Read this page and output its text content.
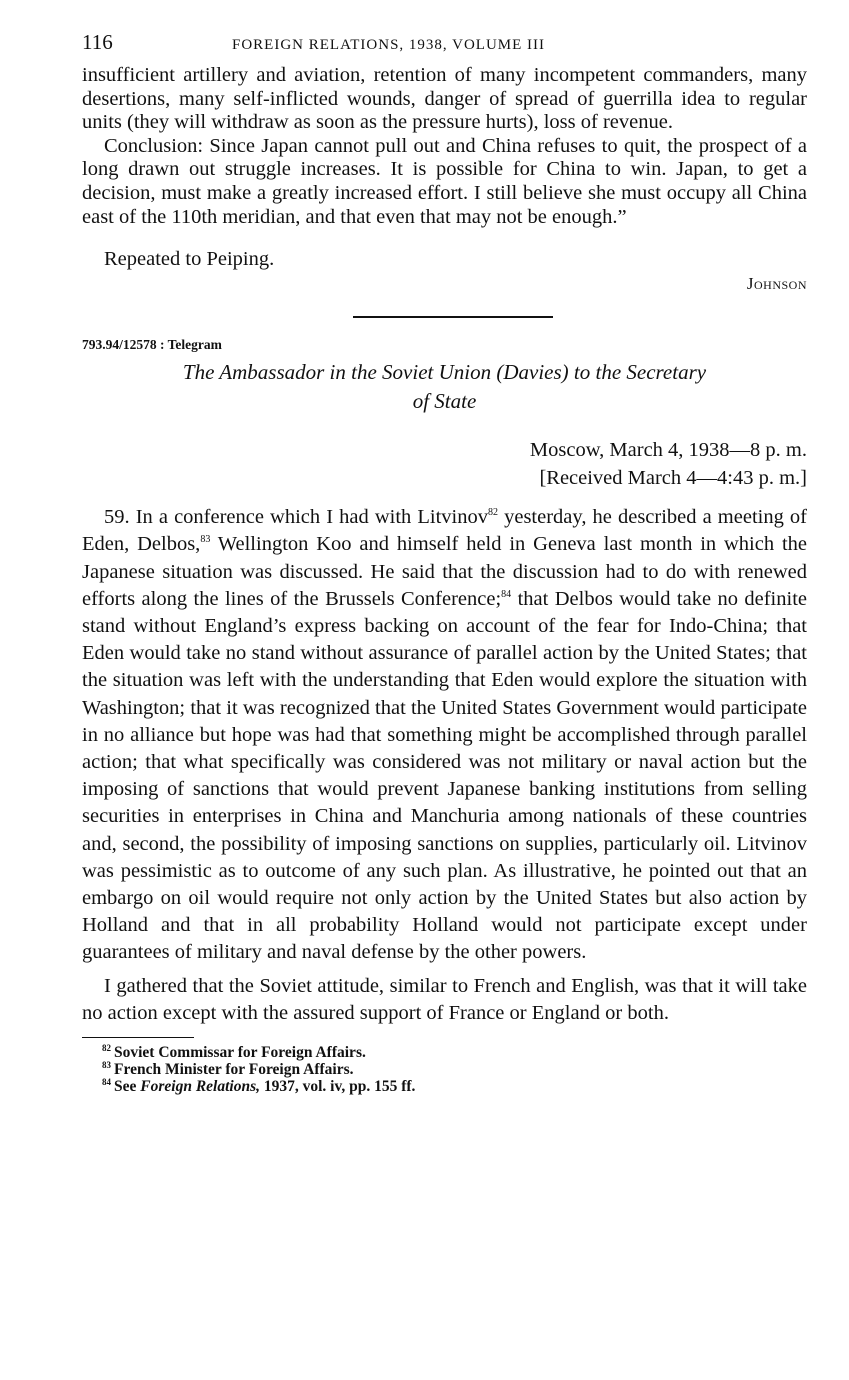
116	FOREIGN RELATIONS, 1938, VOLUME III

insufficient artillery and aviation, retention of many incompetent commanders, many desertions, many self-inflicted wounds, danger of spread of guerrilla idea to regular units (they will withdraw as soon as the pressure hurts), loss of revenue.

Conclusion: Since Japan cannot pull out and China refuses to quit, the prospect of a long drawn out struggle increases. It is possible for China to win. Japan, to get a decision, must make a greatly increased effort. I still believe she must occupy all China east of the 110th meridian, and that even that may not be enough.”

Repeated to Peiping.
Johnson
793.94/12578 : Telegram
The Ambassador in the Soviet Union (Davies) to the Secretary
of State
Moscow, March 4, 1938—8 p. m.
[Received March 4—4:43 p. m.]

59. In a conference which I had with Litvinov$^{82}$ yesterday, he described a meeting of Eden, Delbos,$^{83}$ Wellington Koo and himself held in Geneva last month in which the Japanese situation was discussed. He said that the discussion had to do with renewed efforts along the lines of the Brussels Conference;$^{84}$ that Delbos would take no definite stand without England’s express backing on account of the fear for Indo-China; that Eden would take no stand without assurance of parallel action by the United States; that the situation was left with the understanding that Eden would explore the situation with Washington; that it was recognized that the United States Government would participate in no alliance but hope was had that something might be accomplished through parallel action; that what specifically was considered was not military or naval action but the imposing of sanctions that would prevent Japanese banking institutions from selling securities in enterprises in China and Manchuria among nationals of these countries and, second, the possibility of imposing sanctions on supplies, particularly oil. Litvinov was pessimistic as to outcome of any such plan. As illustrative, he pointed out that an embargo on oil would require not only action by the United States but also action by Holland and that in all probability Holland would not participate except under guarantees of military and naval defense by the other powers.

I gathered that the Soviet attitude, similar to French and English, was that it will take no action except with the assured support of France or England or both.

$^{82}$ Soviet Commissar for Foreign Affairs.
$^{83}$ French Minister for Foreign Affairs.
$^{84}$ See Foreign Relations, 1937, vol. iv, pp. 155 ff.
